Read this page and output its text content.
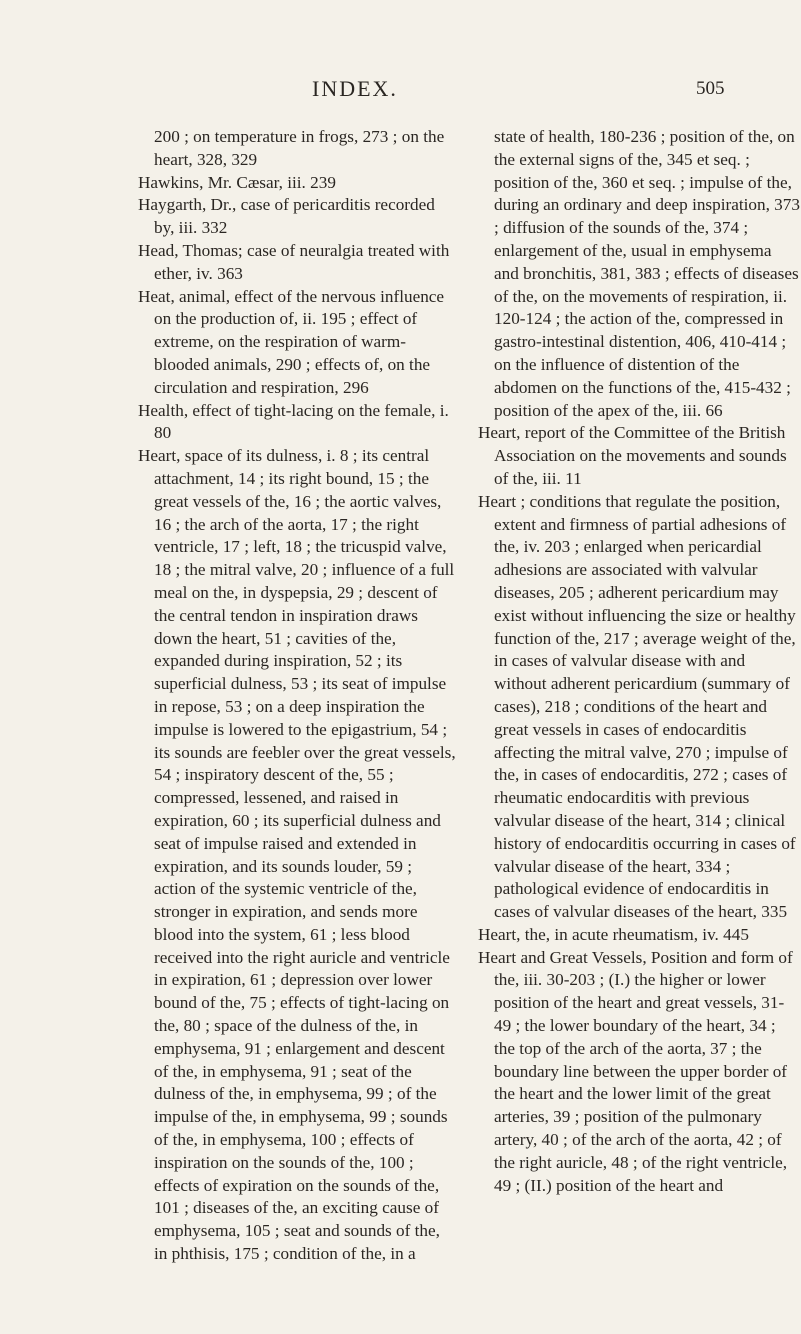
INDEX.	505

200 ; on temperature in frogs, 273 ; on the heart, 328, 329

Hawkins, Mr. Cæsar, iii. 239

Haygarth, Dr., case of pericarditis recorded by, iii. 332

Head, Thomas; case of neuralgia treated with ether, iv. 363

Heat, animal, effect of the nervous influence on the production of, ii. 195 ; effect of extreme, on the respiration of warm-blooded animals, 290 ; effects of, on the circulation and respiration, 296

Health, effect of tight-lacing on the female, i. 80

Heart, space of its dulness, i. 8 ; its central attachment, 14 ; its right bound, 15 ; the great vessels of the, 16 ; the aortic valves, 16 ; the arch of the aorta, 17 ; the right ventricle, 17 ; left, 18 ; the tricuspid valve, 18 ; the mitral valve, 20 ; influence of a full meal on the, in dyspepsia, 29 ; descent of the central tendon in inspiration draws down the heart, 51 ; cavities of the, expanded during inspiration, 52 ; its superficial dulness, 53 ; its seat of impulse in repose, 53 ; on a deep inspiration the impulse is lowered to the epigastrium, 54 ; its sounds are feebler over the great vessels, 54 ; inspiratory descent of the, 55 ; compressed, lessened, and raised in expiration, 60 ; its superficial dulness and seat of impulse raised and extended in expiration, and its sounds louder, 59 ; action of the systemic ventricle of the, stronger in expiration, and sends more blood into the system, 61 ; less blood received into the right auricle and ventricle in expiration, 61 ; depression over lower bound of the, 75 ; effects of tight-lacing on the, 80 ; space of the dulness of the, in emphysema, 91 ; enlargement and descent of the, in emphysema, 91 ; seat of the dulness of the, in emphysema, 99 ; of the impulse of the, in emphysema, 99 ; sounds of the, in emphysema, 100 ; effects of inspiration on the sounds of the, 100 ; effects of expiration on the sounds of the, 101 ; diseases of the, an exciting cause of emphysema, 105 ; seat and sounds of the, in phthisis, 175 ; condition of the, in a

state of health, 180-236 ; position of the, on the external signs of the, 345 et seq. ; position of the, 360 et seq. ; impulse of the, during an ordinary and deep inspiration, 373 ; diffusion of the sounds of the, 374 ; enlargement of the, usual in emphysema and bronchitis, 381, 383 ; effects of diseases of the, on the movements of respiration, ii. 120-124 ; the action of the, compressed in gastro-intestinal distention, 406, 410-414 ; on the influence of distention of the abdomen on the functions of the, 415-432 ; position of the apex of the, iii. 66

Heart, report of the Committee of the British Association on the movements and sounds of the, iii. 11

Heart ; conditions that regulate the position, extent and firmness of partial adhesions of the, iv. 203 ; enlarged when pericardial adhesions are associated with valvular diseases, 205 ; adherent pericardium may exist without influencing the size or healthy function of the, 217 ; average weight of the, in cases of valvular disease with and without adherent pericardium (summary of cases), 218 ; conditions of the heart and great vessels in cases of endocarditis affecting the mitral valve, 270 ; impulse of the, in cases of endocarditis, 272 ; cases of rheumatic endocarditis with previous valvular disease of the heart, 314 ; clinical history of endocarditis occurring in cases of valvular disease of the heart, 334 ; pathological evidence of endocarditis in cases of valvular diseases of the heart, 335

Heart, the, in acute rheumatism, iv. 445

Heart and Great Vessels, Position and form of the, iii. 30-203 ; (I.) the higher or lower position of the heart and great vessels, 31-49 ; the lower boundary of the heart, 34 ; the top of the arch of the aorta, 37 ; the boundary line between the upper border of the heart and the lower limit of the great arteries, 39 ; position of the pulmonary artery, 40 ; of the arch of the aorta, 42 ; of the right auricle, 48 ; of the right ventricle, 49 ; (II.) position of the heart and
